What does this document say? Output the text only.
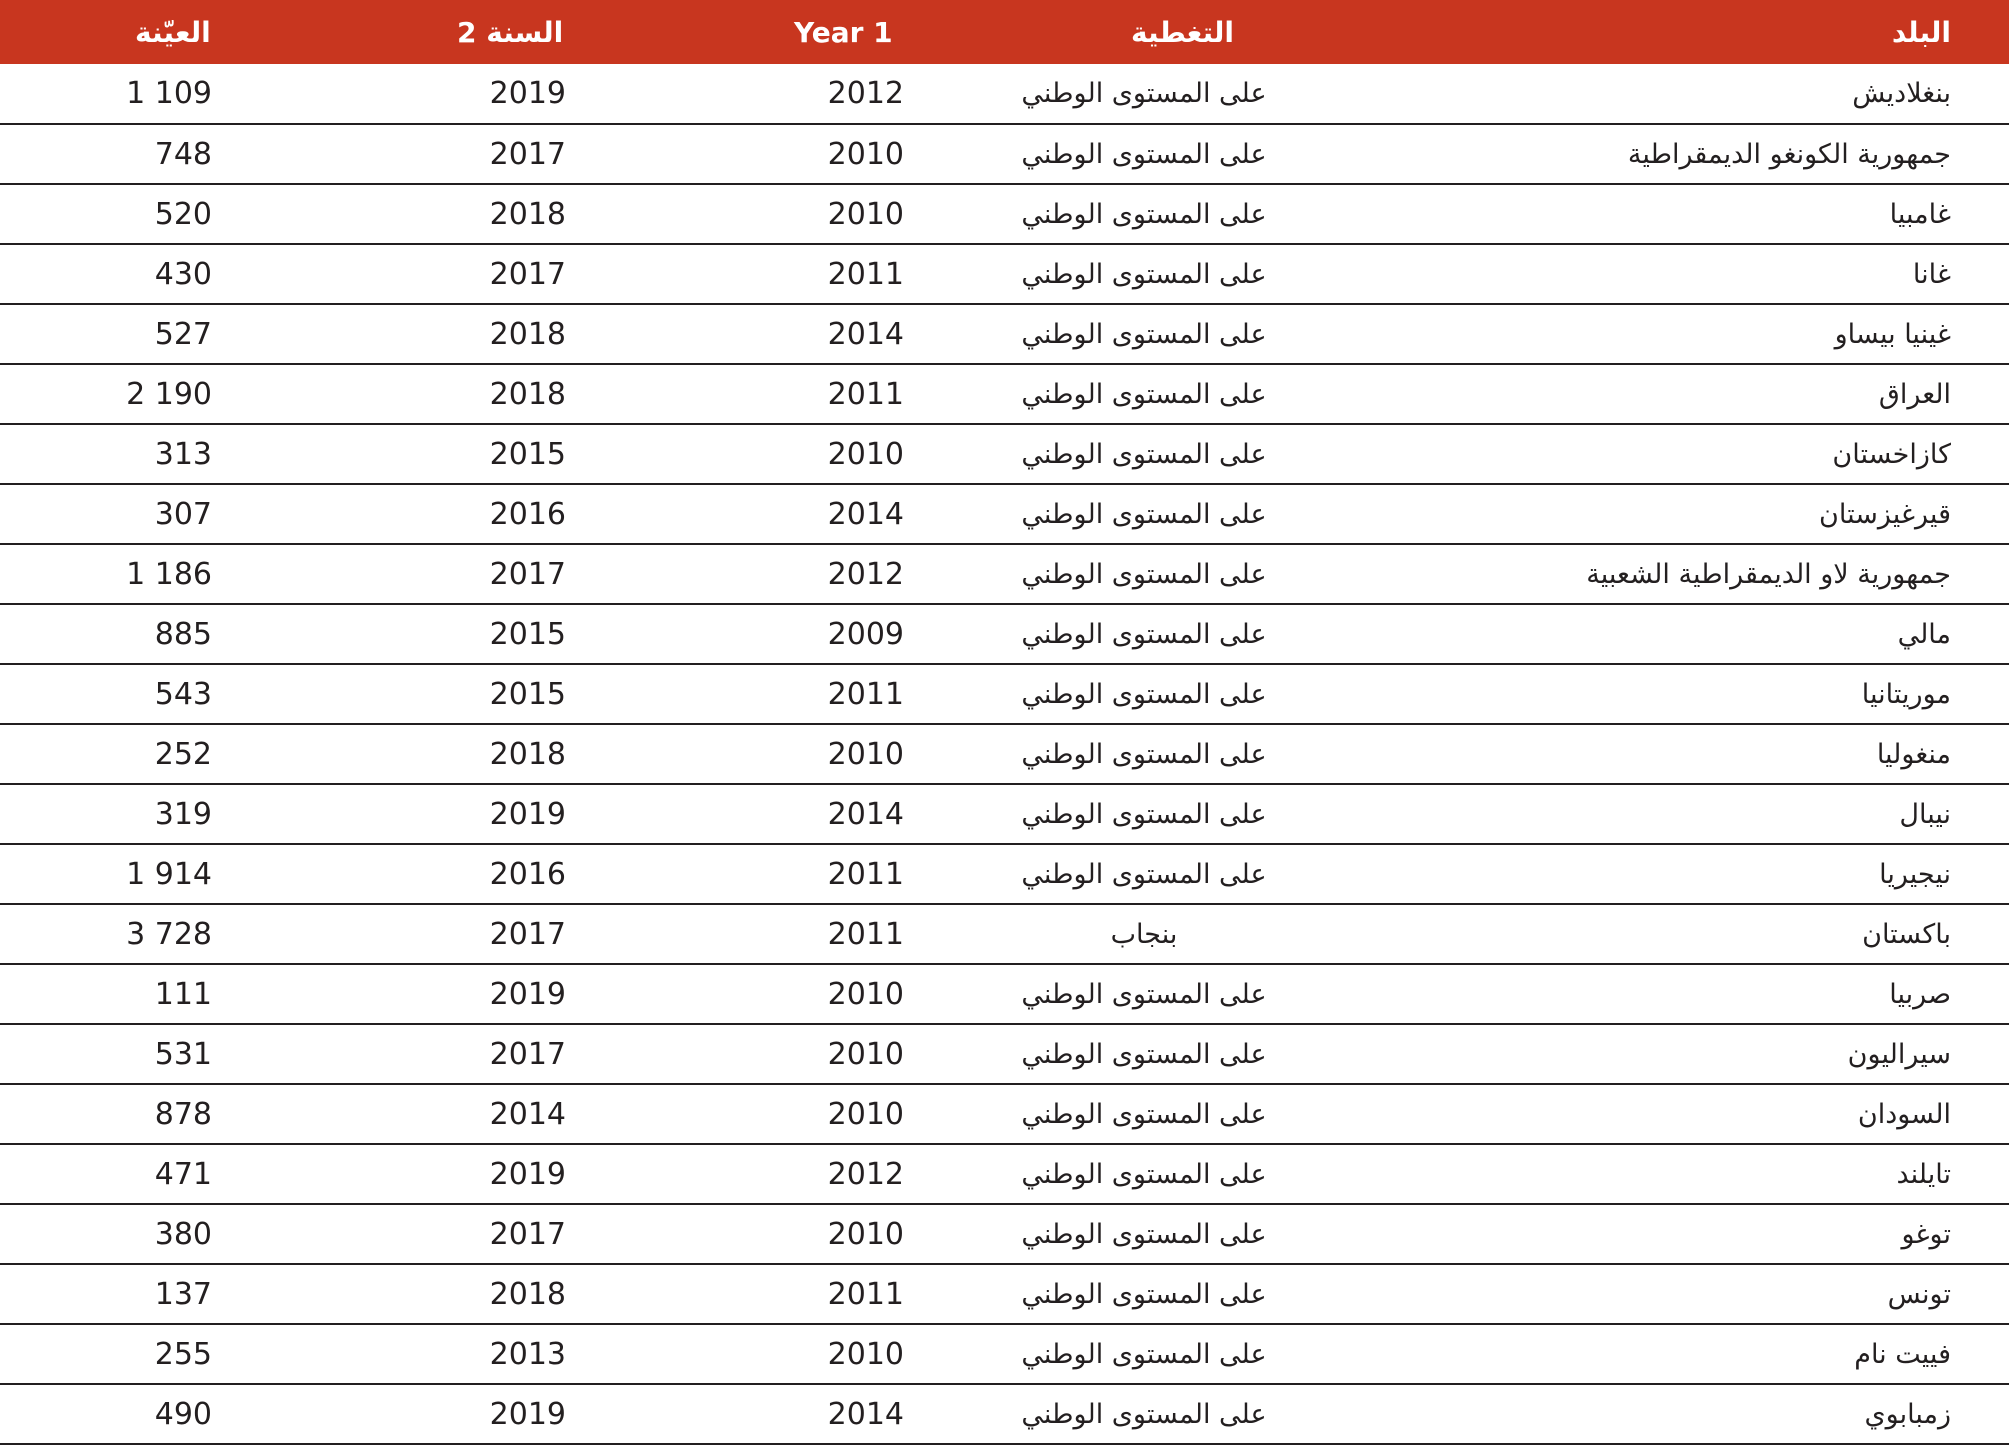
العيّنة	السنة 2	Year 1	التغطية	البلد
1 109	2019	2012	على المستوى الوطني	بنغلاديش
748	2017	2010	على المستوى الوطني	جمهورية الكونغو الديمقراطية
520	2018	2010	على المستوى الوطني	غامبيا
430	2017	2011	على المستوى الوطني	غانا
527	2018	2014	على المستوى الوطني	غينيا بيساو
2 190	2018	2011	على المستوى الوطني	العراق
313	2015	2010	على المستوى الوطني	كازاخستان
307	2016	2014	على المستوى الوطني	قيرغيزستان
1 186	2017	2012	على المستوى الوطني	جمهورية لاو الديمقراطية الشعبية
885	2015	2009	على المستوى الوطني	مالي
543	2015	2011	على المستوى الوطني	موريتانيا
252	2018	2010	على المستوى الوطني	منغوليا
319	2019	2014	على المستوى الوطني	نيبال
1 914	2016	2011	على المستوى الوطني	نيجيريا
3 728	2017	2011	بنجاب	باكستان
111	2019	2010	على المستوى الوطني	صربيا
531	2017	2010	على المستوى الوطني	سيراليون
878	2014	2010	على المستوى الوطني	السودان
471	2019	2012	على المستوى الوطني	تايلند
380	2017	2010	على المستوى الوطني	توغو
137	2018	2011	على المستوى الوطني	تونس
255	2013	2010	على المستوى الوطني	فييت نام
490	2019	2014	على المستوى الوطني	زمبابوي
